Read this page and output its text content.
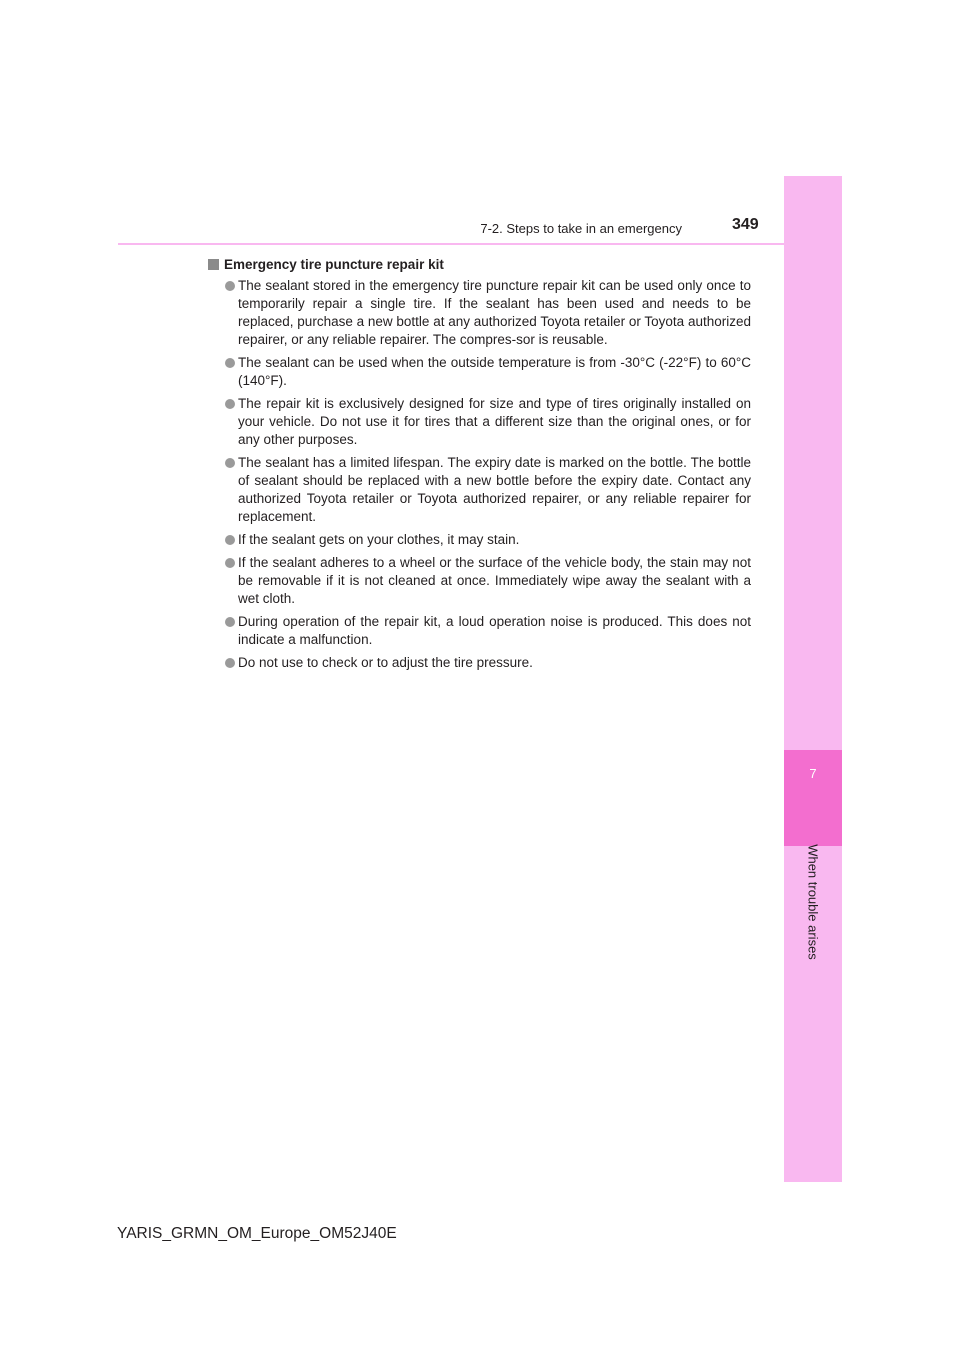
7
When trouble arises
7-2. Steps to take in an emergency	349
Emergency tire puncture repair kit
The sealant stored in the emergency tire puncture repair kit can be used only once to temporarily repair a single tire. If the sealant has been used and needs to be replaced, purchase a new bottle at any authorized Toyota retailer or Toyota authorized repairer, or any reliable repairer. The compres-sor is reusable.
The sealant can be used when the outside temperature is from -30°C (-22°F) to 60°C (140°F).
The repair kit is exclusively designed for size and type of tires originally installed on your vehicle. Do not use it for tires that a different size than the original ones, or for any other purposes.
The sealant has a limited lifespan. The expiry date is marked on the bottle. The bottle of sealant should be replaced with a new bottle before the expiry date. Contact any authorized Toyota retailer or Toyota authorized repairer, or any reliable repairer for replacement.
If the sealant gets on your clothes, it may stain.
If the sealant adheres to a wheel or the surface of the vehicle body, the stain may not be removable if it is not cleaned at once. Immediately wipe away the sealant with a wet cloth.
During operation of the repair kit, a loud operation noise is produced. This does not indicate a malfunction.
Do not use to check or to adjust the tire pressure.
YARIS_GRMN_OM_Europe_OM52J40E
